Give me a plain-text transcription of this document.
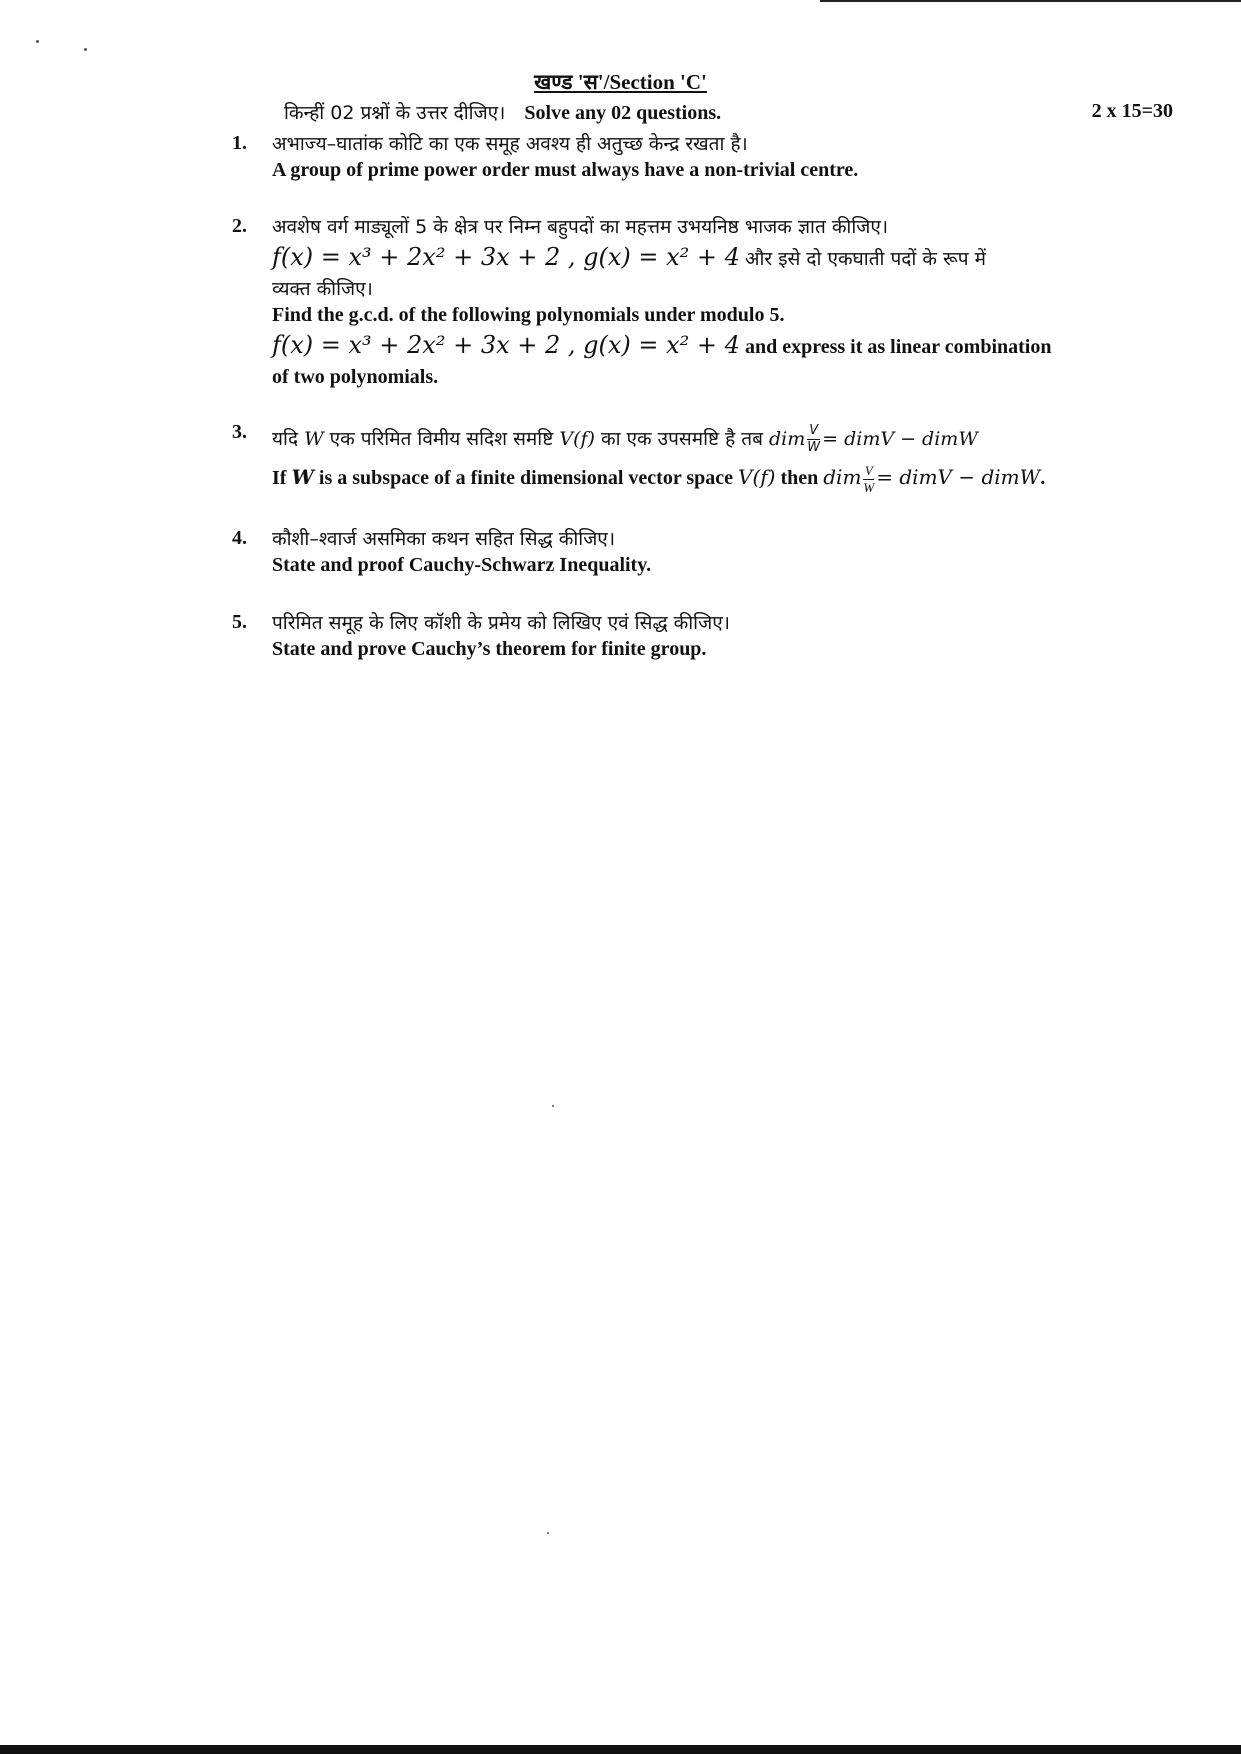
खण्ड 'स'/Section 'C'
किन्हीं 02 प्रश्नों के उत्तर दीजिए। Solve any 02 questions.	2 x 15=30
1. अभाज्य–घातांक कोटि का एक समूह अवश्य ही अतुच्छ केन्द्र रखता है।
A group of prime power order must always have a non-trivial centre.
2. अवशेष वर्ग माड्यूलों 5 के क्षेत्र पर निम्न बहुपदों का महत्तम उभयनिष्ठ भाजक ज्ञात कीजिए।
f(x) = x³ + 2x² + 3x + 2 , g(x) = x² + 4 और इसे दो एकघाती पदों के रूप में
व्यक्त कीजिए।
Find the g.c.d. of the following polynomials under modulo 5.
f(x) = x³ + 2x² + 3x + 2 , g(x) = x² + 4 and express it as linear combination
of two polynomials.
3. यदि W एक परिमित विमीय सदिश समष्टि V(f) का एक उपसमष्टि है तब dim $\frac{V}{W}$ = dimV − dimW
If W is a subspace of a finite dimensional vector space V(f) then dim $\frac{V}{W}$ = dimV − dimW.
4. कौशी–श्वार्ज असमिका कथन सहित सिद्ध कीजिए।
State and proof Cauchy-Schwarz Inequality.
5. परिमित समूह के लिए कॉशी के प्रमेय को लिखिए एवं सिद्ध कीजिए।
State and prove Cauchy’s theorem for finite group.
